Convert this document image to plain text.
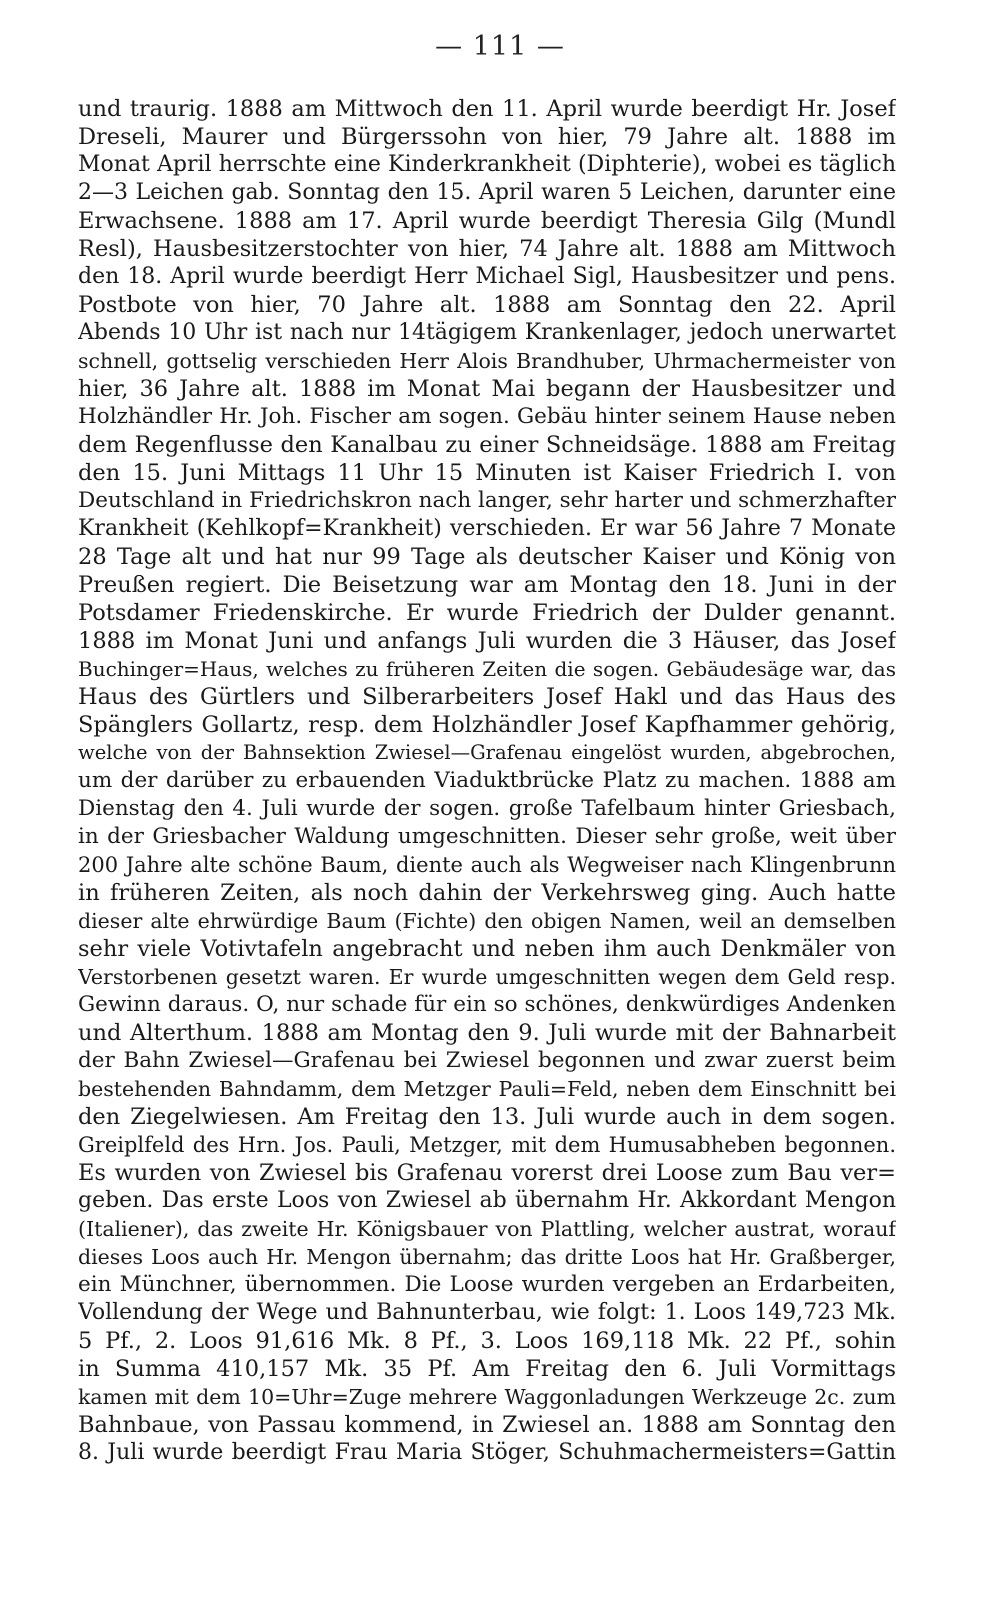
— 111 —
und traurig. 1888 am Mittwoch den 11. April wurde beerdigt Hr. Josef
Dreseli, Maurer und Bürgerssohn von hier, 79 Jahre alt. 1888 im
Monat April herrschte eine Kinderkrankheit (Diphterie), wobei es täglich
2—3 Leichen gab. Sonntag den 15. April waren 5 Leichen, darunter eine
Erwachsene. 1888 am 17. April wurde beerdigt Theresia Gilg (Mundl
Resl), Hausbesitzerstochter von hier, 74 Jahre alt. 1888 am Mittwoch
den 18. April wurde beerdigt Herr Michael Sigl, Hausbesitzer und pens.
Postbote von hier, 70 Jahre alt. 1888 am Sonntag den 22. April
Abends 10 Uhr ist nach nur 14tägigem Krankenlager, jedoch unerwartet
schnell, gottselig verschieden Herr Alois Brandhuber, Uhrmachermeister von
hier, 36 Jahre alt. 1888 im Monat Mai begann der Hausbesitzer und
Holzhändler Hr. Joh. Fischer am sogen. Gebäu hinter seinem Hause neben
dem Regenflusse den Kanalbau zu einer Schneidsäge. 1888 am Freitag
den 15. Juni Mittags 11 Uhr 15 Minuten ist Kaiser Friedrich I. von
Deutschland in Friedrichskron nach langer, sehr harter und schmerzhafter
Krankheit (Kehlkopf=Krankheit) verschieden. Er war 56 Jahre 7 Monate
28 Tage alt und hat nur 99 Tage als deutscher Kaiser und König von
Preußen regiert. Die Beisetzung war am Montag den 18. Juni in der
Potsdamer Friedenskirche. Er wurde Friedrich der Dulder genannt.
1888 im Monat Juni und anfangs Juli wurden die 3 Häuser, das Josef
Buchinger=Haus, welches zu früheren Zeiten die sogen. Gebäudesäge war, das
Haus des Gürtlers und Silberarbeiters Josef Hakl und das Haus des
Spänglers Gollartz, resp. dem Holzhändler Josef Kapfhammer gehörig,
welche von der Bahnsektion Zwiesel—Grafenau eingelöst wurden, abgebrochen,
um der darüber zu erbauenden Viaduktbrücke Platz zu machen. 1888 am
Dienstag den 4. Juli wurde der sogen. große Tafelbaum hinter Griesbach,
in der Griesbacher Waldung umgeschnitten. Dieser sehr große, weit über
200 Jahre alte schöne Baum, diente auch als Wegweiser nach Klingenbrunn
in früheren Zeiten, als noch dahin der Verkehrsweg ging. Auch hatte
dieser alte ehrwürdige Baum (Fichte) den obigen Namen, weil an demselben
sehr viele Votivtafeln angebracht und neben ihm auch Denkmäler von
Verstorbenen gesetzt waren. Er wurde umgeschnitten wegen dem Geld resp.
Gewinn daraus. O, nur schade für ein so schönes, denkwürdiges Andenken
und Alterthum. 1888 am Montag den 9. Juli wurde mit der Bahnarbeit
der Bahn Zwiesel—Grafenau bei Zwiesel begonnen und zwar zuerst beim
bestehenden Bahndamm, dem Metzger Pauli=Feld, neben dem Einschnitt bei
den Ziegelwiesen. Am Freitag den 13. Juli wurde auch in dem sogen.
Greiplfeld des Hrn. Jos. Pauli, Metzger, mit dem Humusabheben begonnen.
Es wurden von Zwiesel bis Grafenau vorerst drei Loose zum Bau ver=
geben. Das erste Loos von Zwiesel ab übernahm Hr. Akkordant Mengon
(Italiener), das zweite Hr. Königsbauer von Plattling, welcher austrat, worauf
dieses Loos auch Hr. Mengon übernahm; das dritte Loos hat Hr. Graßberger,
ein Münchner, übernommen. Die Loose wurden vergeben an Erdarbeiten,
Vollendung der Wege und Bahnunterbau, wie folgt: 1. Loos 149,723 Mk.
5 Pf., 2. Loos 91,616 Mk. 8 Pf., 3. Loos 169,118 Mk. 22 Pf., sohin
in Summa 410,157 Mk. 35 Pf. Am Freitag den 6. Juli Vormittags
kamen mit dem 10=Uhr=Zuge mehrere Waggonladungen Werkzeuge 2c. zum
Bahnbaue, von Passau kommend, in Zwiesel an. 1888 am Sonntag den
8. Juli wurde beerdigt Frau Maria Stöger, Schuhmachermeisters=Gattin
